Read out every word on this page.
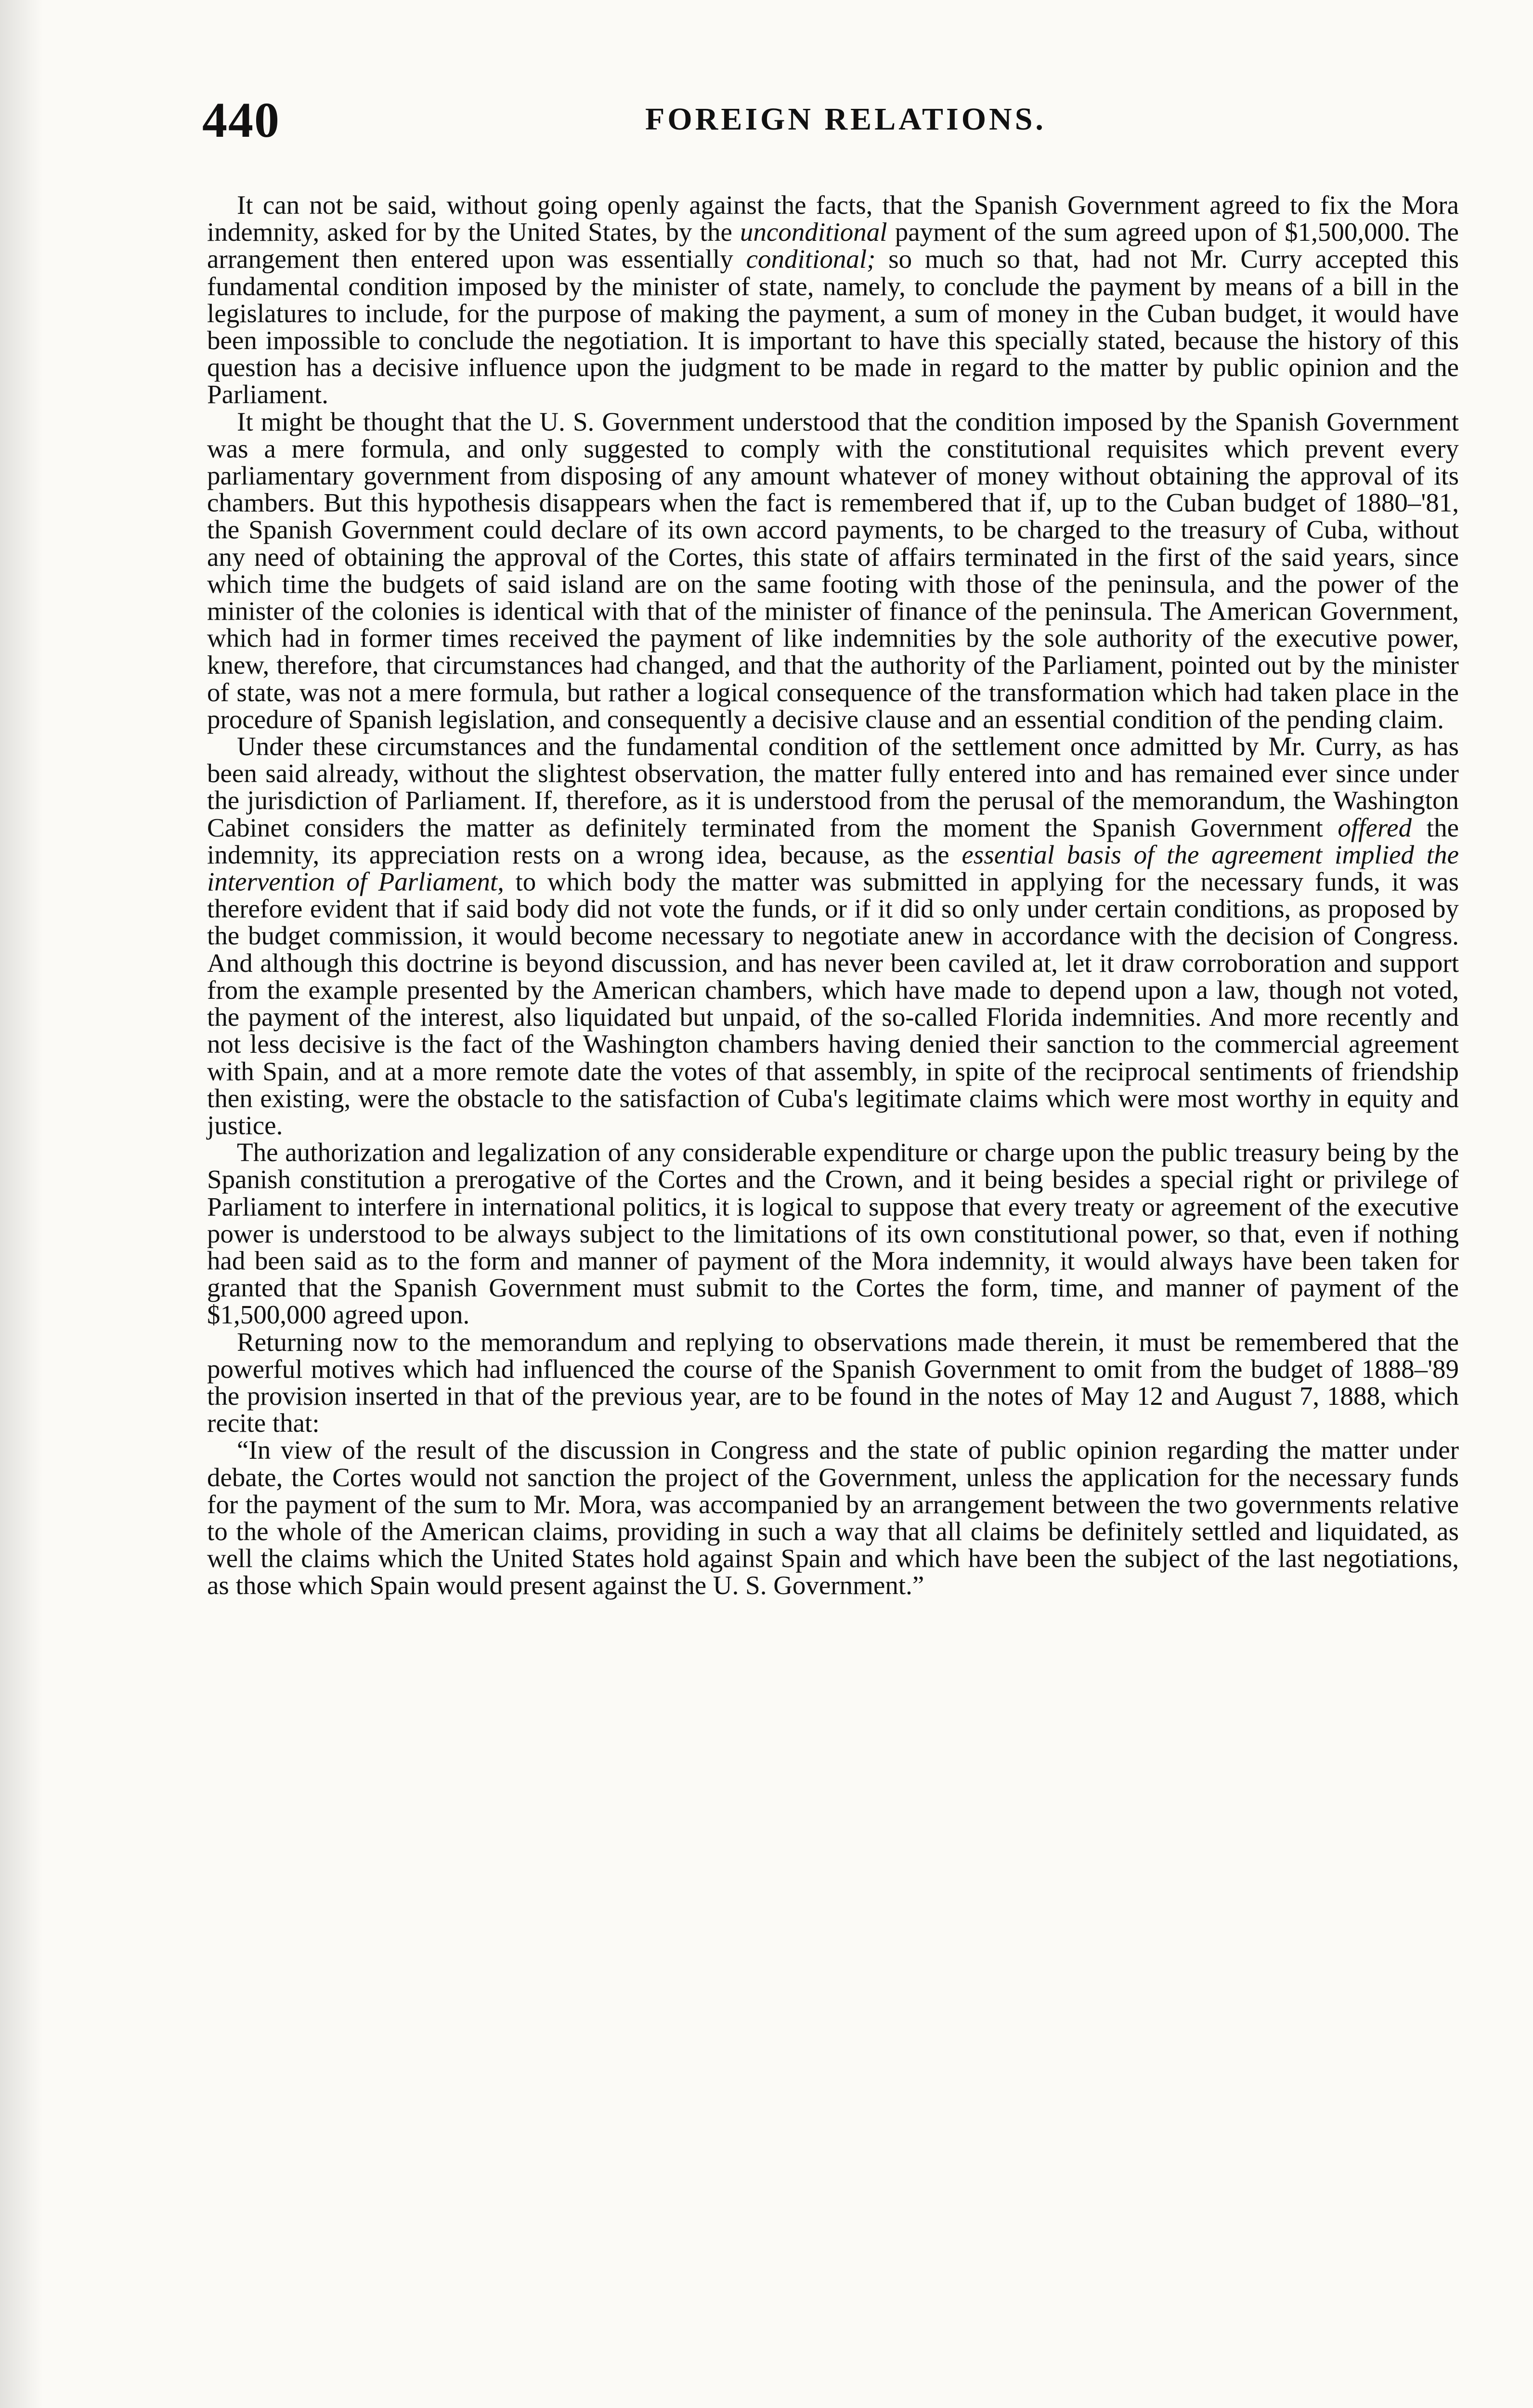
440	FOREIGN RELATIONS.

It can not be said, without going openly against the facts, that the Spanish Government agreed to fix the Mora indemnity, asked for by the United States, by the unconditional payment of the sum agreed upon of $1,500,000. The arrangement then entered upon was essentially conditional; so much so that, had not Mr. Curry accepted this fundamental condition imposed by the minister of state, namely, to conclude the payment by means of a bill in the legislatures to include, for the purpose of making the payment, a sum of money in the Cuban budget, it would have been impossible to conclude the negotiation. It is important to have this specially stated, because the history of this question has a decisive influence upon the judgment to be made in regard to the matter by public opinion and the Parliament.

It might be thought that the U. S. Government understood that the condition imposed by the Spanish Government was a mere formula, and only suggested to comply with the constitutional requisites which prevent every parliamentary government from disposing of any amount whatever of money without obtaining the approval of its chambers. But this hypothesis disappears when the fact is remembered that if, up to the Cuban budget of 1880–'81, the Spanish Government could declare of its own accord payments, to be charged to the treasury of Cuba, without any need of obtaining the approval of the Cortes, this state of affairs terminated in the first of the said years, since which time the budgets of said island are on the same footing with those of the peninsula, and the power of the minister of the colonies is identical with that of the minister of finance of the peninsula. The American Government, which had in former times received the payment of like indemnities by the sole authority of the executive power, knew, therefore, that circumstances had changed, and that the authority of the Parliament, pointed out by the minister of state, was not a mere formula, but rather a logical consequence of the transformation which had taken place in the procedure of Spanish legislation, and consequently a decisive clause and an essential condition of the pending claim.

Under these circumstances and the fundamental condition of the settlement once admitted by Mr. Curry, as has been said already, without the slightest observation, the matter fully entered into and has remained ever since under the jurisdiction of Parliament. If, therefore, as it is understood from the perusal of the memorandum, the Washington Cabinet considers the matter as definitely terminated from the moment the Spanish Government offered the indemnity, its appreciation rests on a wrong idea, because, as the essential basis of the agreement implied the intervention of Parliament, to which body the matter was submitted in applying for the necessary funds, it was therefore evident that if said body did not vote the funds, or if it did so only under certain conditions, as proposed by the budget commission, it would become necessary to negotiate anew in accordance with the decision of Congress. And although this doctrine is beyond discussion, and has never been caviled at, let it draw corroboration and support from the example presented by the American chambers, which have made to depend upon a law, though not voted, the payment of the interest, also liquidated but unpaid, of the so-called Florida indemnities. And more recently and not less decisive is the fact of the Washington chambers having denied their sanction to the commercial agreement with Spain, and at a more remote date the votes of that assembly, in spite of the reciprocal sentiments of friendship then existing, were the obstacle to the satisfaction of Cuba's legitimate claims which were most worthy in equity and justice.

The authorization and legalization of any considerable expenditure or charge upon the public treasury being by the Spanish constitution a prerogative of the Cortes and the Crown, and it being besides a special right or privilege of Parliament to interfere in international politics, it is logical to suppose that every treaty or agreement of the executive power is understood to be always subject to the limitations of its own constitutional power, so that, even if nothing had been said as to the form and manner of payment of the Mora indemnity, it would always have been taken for granted that the Spanish Government must submit to the Cortes the form, time, and manner of payment of the $1,500,000 agreed upon.

Returning now to the memorandum and replying to observations made therein, it must be remembered that the powerful motives which had influenced the course of the Spanish Government to omit from the budget of 1888–'89 the provision inserted in that of the previous year, are to be found in the notes of May 12 and August 7, 1888, which recite that:

“In view of the result of the discussion in Congress and the state of public opinion regarding the matter under debate, the Cortes would not sanction the project of the Government, unless the application for the necessary funds for the payment of the sum to Mr. Mora, was accompanied by an arrangement between the two governments relative to the whole of the American claims, providing in such a way that all claims be definitely settled and liquidated, as well the claims which the United States hold against Spain and which have been the subject of the last negotiations, as those which Spain would present against the U. S. Government.”
